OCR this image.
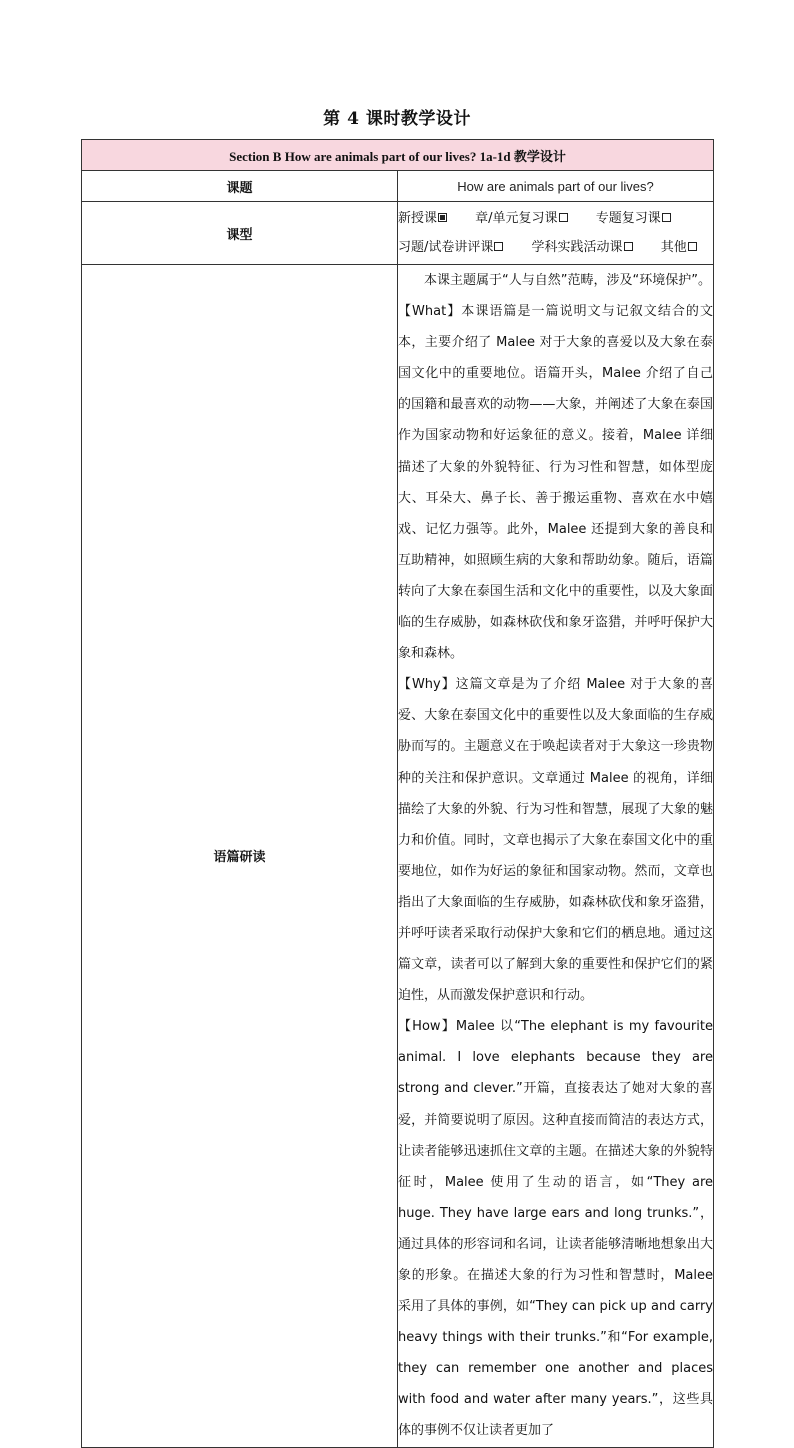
第 4 课时教学设计
Section B How are animals part of our lives? 1a-1d 教学设计	
课题	How are animals part of our lives?
课型	新授课 章/单元复习课 专题复习课
习题/试卷讲评课 学科实践活动课 其他

语篇研读	本课主题属于“人与自然”范畴，涉及“环境保护”。

【What】本课语篇是一篇说明文与记叙文结合的文本，主要介绍了 Malee 对于大象的喜爱以及大象在泰国文化中的重要地位。语篇开头，Malee 介绍了自己的国籍和最喜欢的动物——大象，并阐述了大象在泰国作为国家动物和好运象征的意义。接着，Malee 详细描述了大象的外貌特征、行为习性和智慧，如体型庞大、耳朵大、鼻子长、善于搬运重物、喜欢在水中嬉戏、记忆力强等。此外，Malee 还提到大象的善良和互助精神，如照顾生病的大象和帮助幼象。随后，语篇转向了大象在泰国生活和文化中的重要性，以及大象面临的生存威胁，如森林砍伐和象牙盗猎，并呼吁保护大象和森林。

【Why】这篇文章是为了介绍 Malee 对于大象的喜爱、大象在泰国文化中的重要性以及大象面临的生存威胁而写的。主题意义在于唤起读者对于大象这一珍贵物种的关注和保护意识。文章通过 Malee 的视角，详细描绘了大象的外貌、行为习性和智慧，展现了大象的魅力和价值。同时，文章也揭示了大象在泰国文化中的重要地位，如作为好运的象征和国家动物。然而，文章也指出了大象面临的生存威胁，如森林砍伐和象牙盗猎，并呼吁读者采取行动保护大象和它们的栖息地。通过这篇文章，读者可以了解到大象的重要性和保护它们的紧迫性，从而激发保护意识和行动。

【How】Malee 以“The elephant is my favourite animal. I love elephants because they are strong and clever.”开篇，直接表达了她对大象的喜爱，并简要说明了原因。这种直接而简洁的表达方式，让读者能够迅速抓住文章的主题。在描述大象的外貌特征时，Malee 使用了生动的语言，如“They are huge. They have large ears and long trunks.”，通过具体的形容词和名词，让读者能够清晰地想象出大象的形象。在描述大象的行为习性和智慧时，Malee 采用了具体的事例，如“They can pick up and carry heavy things with their trunks.”和“For example, they can remember one another and places with food and water after many years.”，这些具体的事例不仅让读者更加了
